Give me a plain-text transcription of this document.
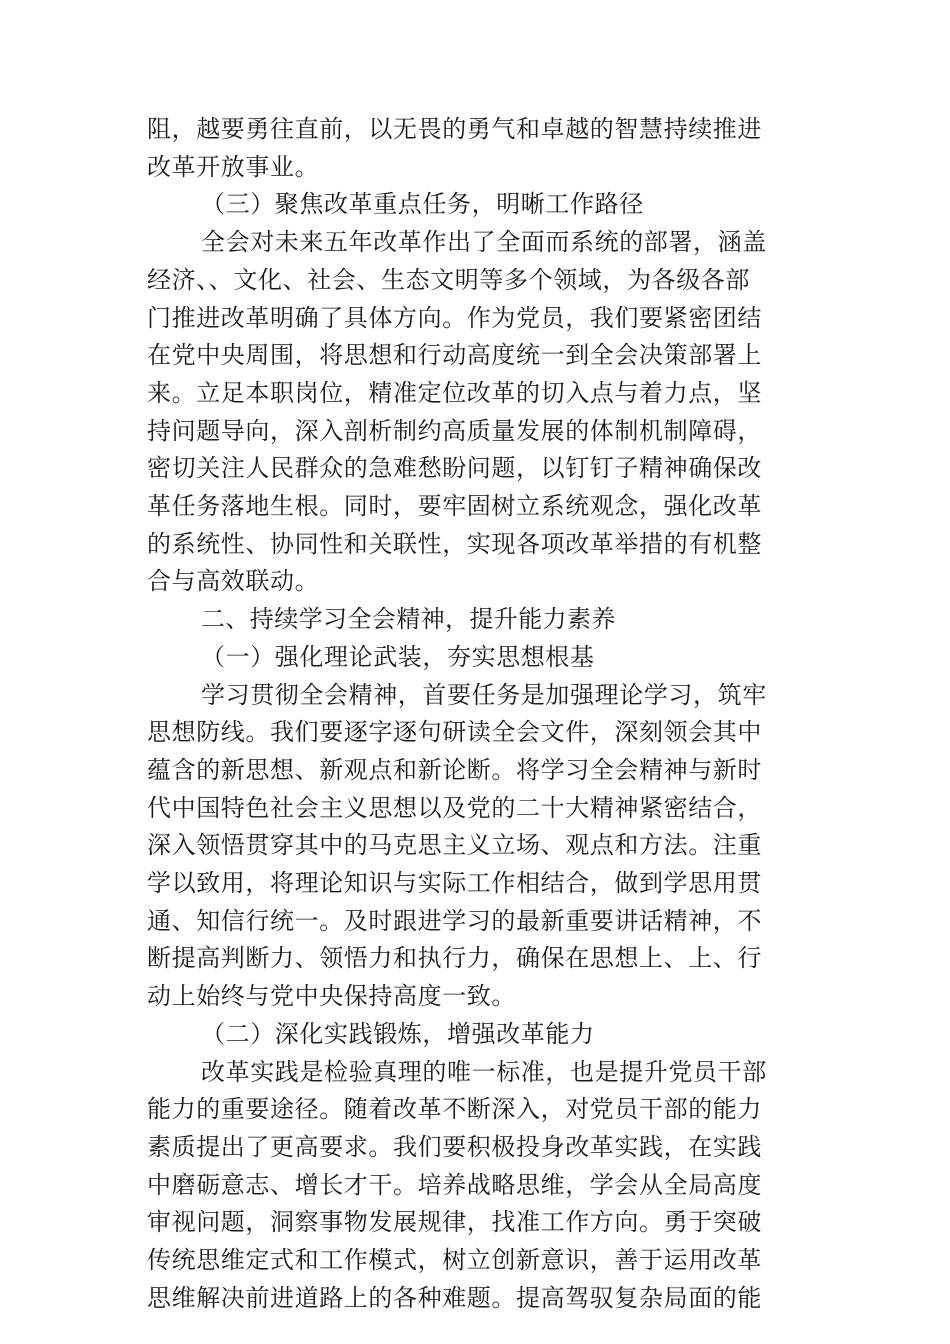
阻，越要勇往直前，以无畏的勇气和卓越的智慧持续推进
改革开放事业。
（三）聚焦改革重点任务，明晰工作路径
全会对未来五年改革作出了全面而系统的部署，涵盖
经济、、文化、社会、生态文明等多个领域，为各级各部
门推进改革明确了具体方向。作为党员，我们要紧密团结
在党中央周围，将思想和行动高度统一到全会决策部署上
来。立足本职岗位，精准定位改革的切入点与着力点，坚
持问题导向，深入剖析制约高质量发展的体制机制障碍，
密切关注人民群众的急难愁盼问题，以钉钉子精神确保改
革任务落地生根。同时，要牢固树立系统观念，强化改革
的系统性、协同性和关联性，实现各项改革举措的有机整
合与高效联动。
二、持续学习全会精神，提升能力素养
（一）强化理论武装，夯实思想根基
学习贯彻全会精神，首要任务是加强理论学习，筑牢
思想防线。我们要逐字逐句研读全会文件，深刻领会其中
蕴含的新思想、新观点和新论断。将学习全会精神与新时
代中国特色社会主义思想以及党的二十大精神紧密结合，
深入领悟贯穿其中的马克思主义立场、观点和方法。注重
学以致用，将理论知识与实际工作相结合，做到学思用贯
通、知信行统一。及时跟进学习的最新重要讲话精神，不
断提高判断力、领悟力和执行力，确保在思想上、上、行
动上始终与党中央保持高度一致。
（二）深化实践锻炼，增强改革能力
改革实践是检验真理的唯一标准，也是提升党员干部
能力的重要途径。随着改革不断深入，对党员干部的能力
素质提出了更高要求。我们要积极投身改革实践，在实践
中磨砺意志、增长才干。培养战略思维，学会从全局高度
审视问题，洞察事物发展规律，找准工作方向。勇于突破
传统思维定式和工作模式，树立创新意识，善于运用改革
思维解决前进道路上的各种难题。提高驾驭复杂局面的能
